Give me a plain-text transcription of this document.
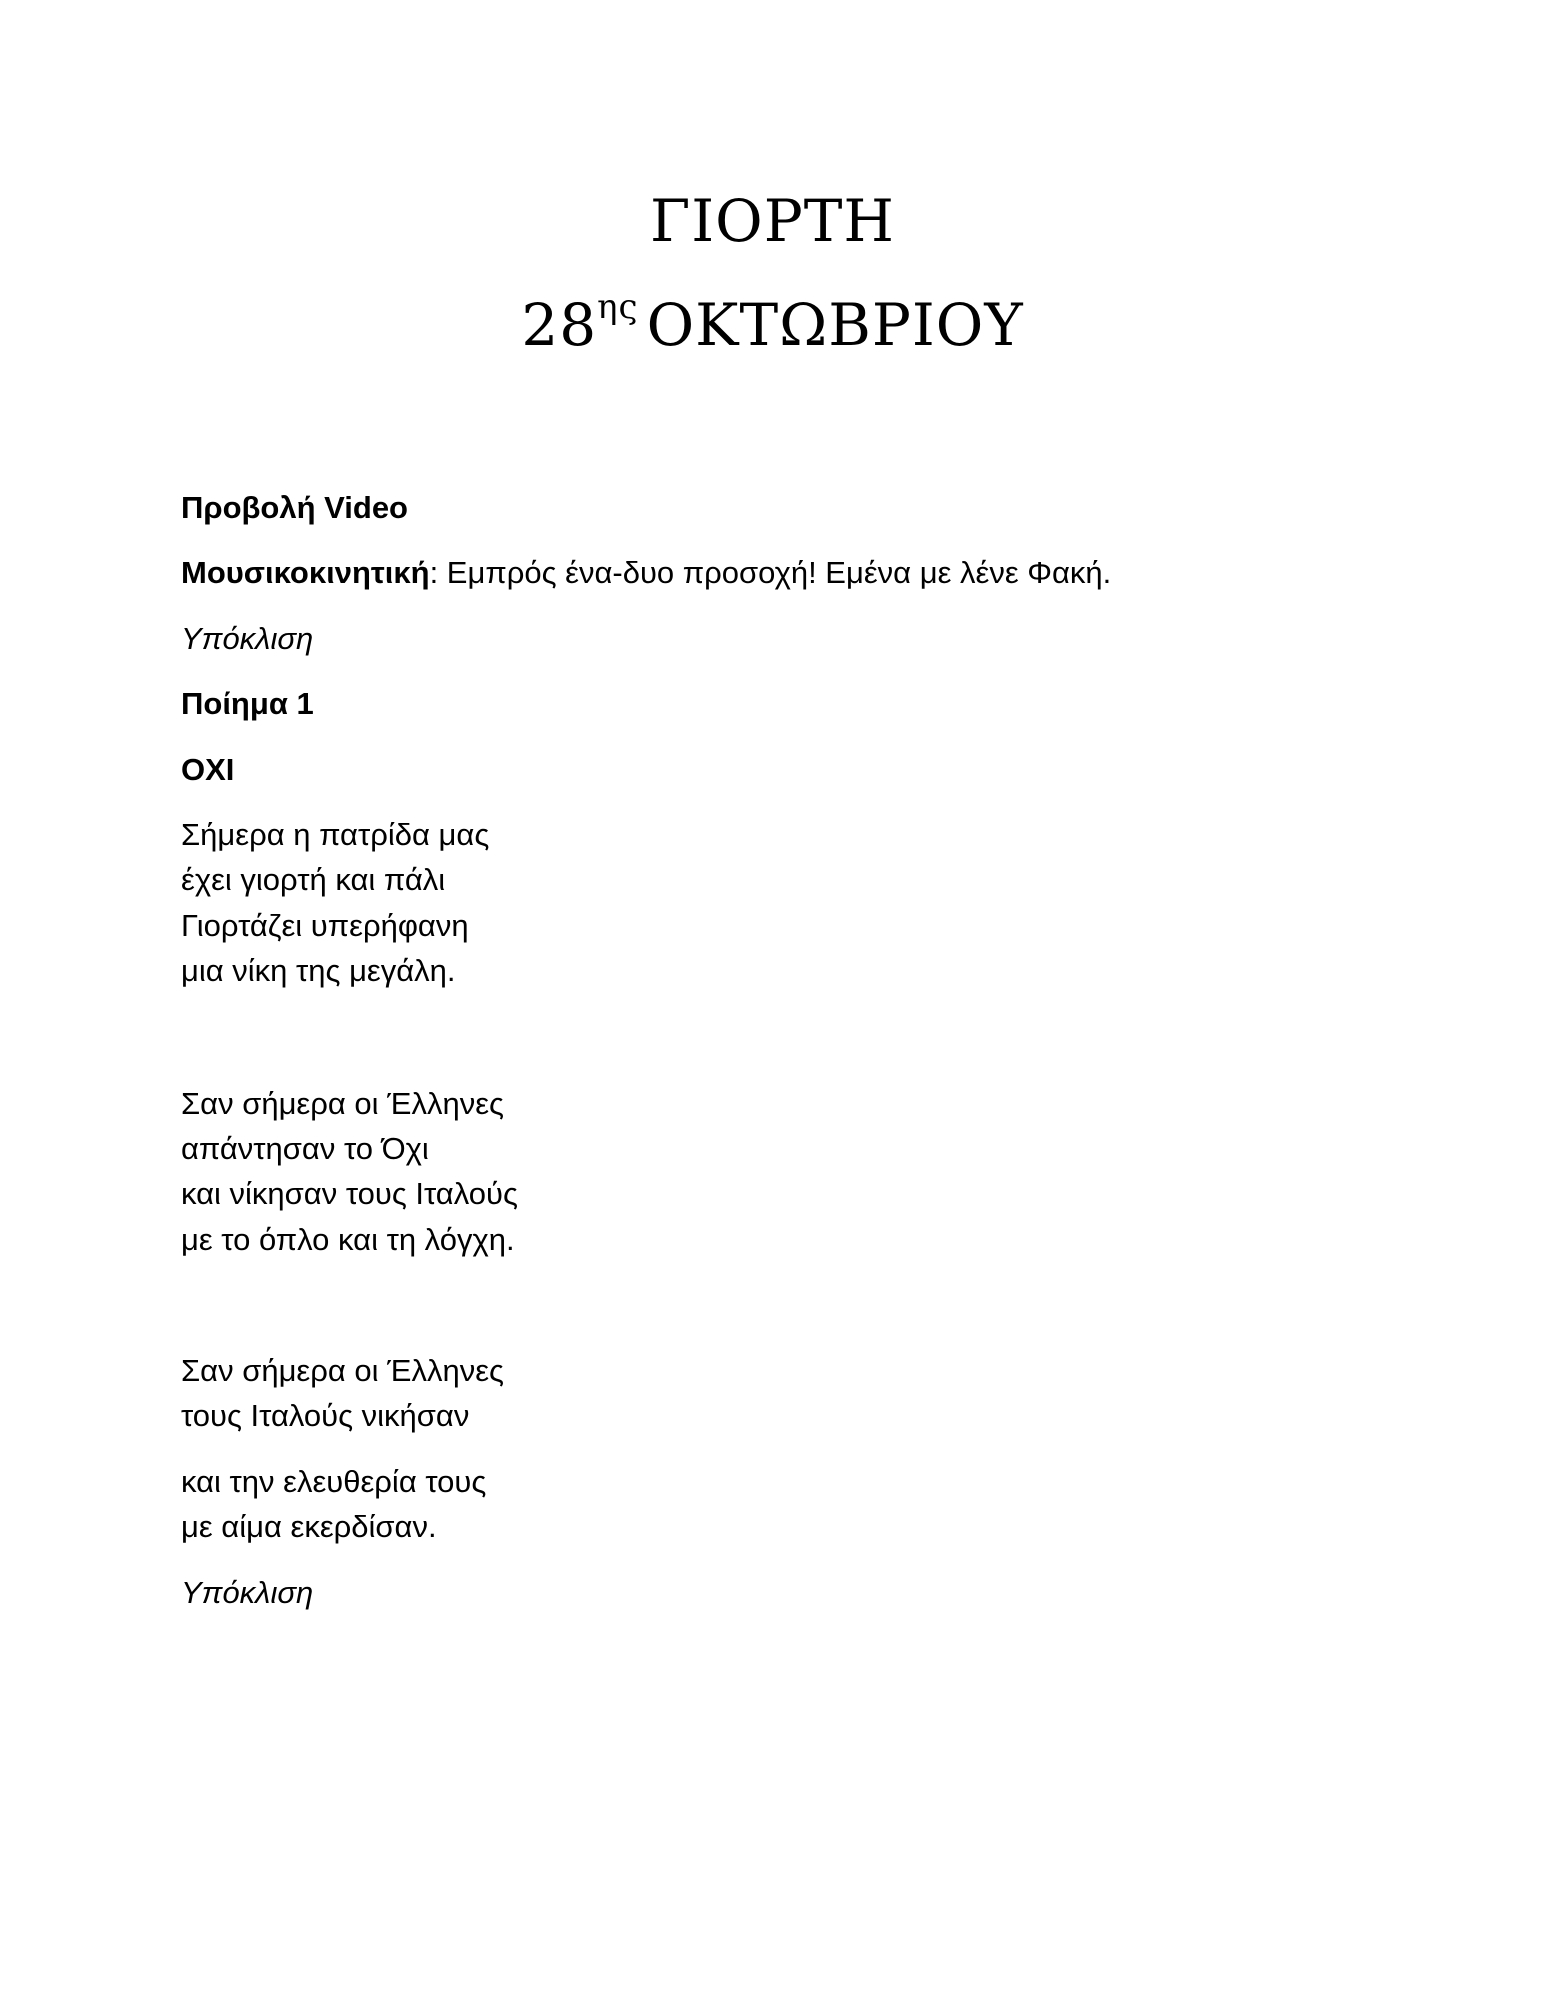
ΓΙΟΡΤΗ
$28^{\eta\varsigma}$ ΟΚΤΩΒΡΙΟΥ
Προβολή Video
Μουσικοκινητική: Εμπρός ένα-δυο προσοχή! Εμένα με λένε Φακή.
Υπόκλιση
Ποίημα 1
ΟΧΙ
Σήμερα η πατρίδα μας
έχει γιορτή και πάλι
Γιορτάζει υπερήφανη
μια νίκη της μεγάλη.
Σαν σήμερα οι Έλληνες
απάντησαν το Όχι
και νίκησαν τους Ιταλούς
με το όπλο και τη λόγχη.
Σαν σήμερα οι Έλληνες
τους Ιταλούς νικήσαν
και την ελευθερία τους
με αίμα εκερδίσαν.
Υπόκλιση
